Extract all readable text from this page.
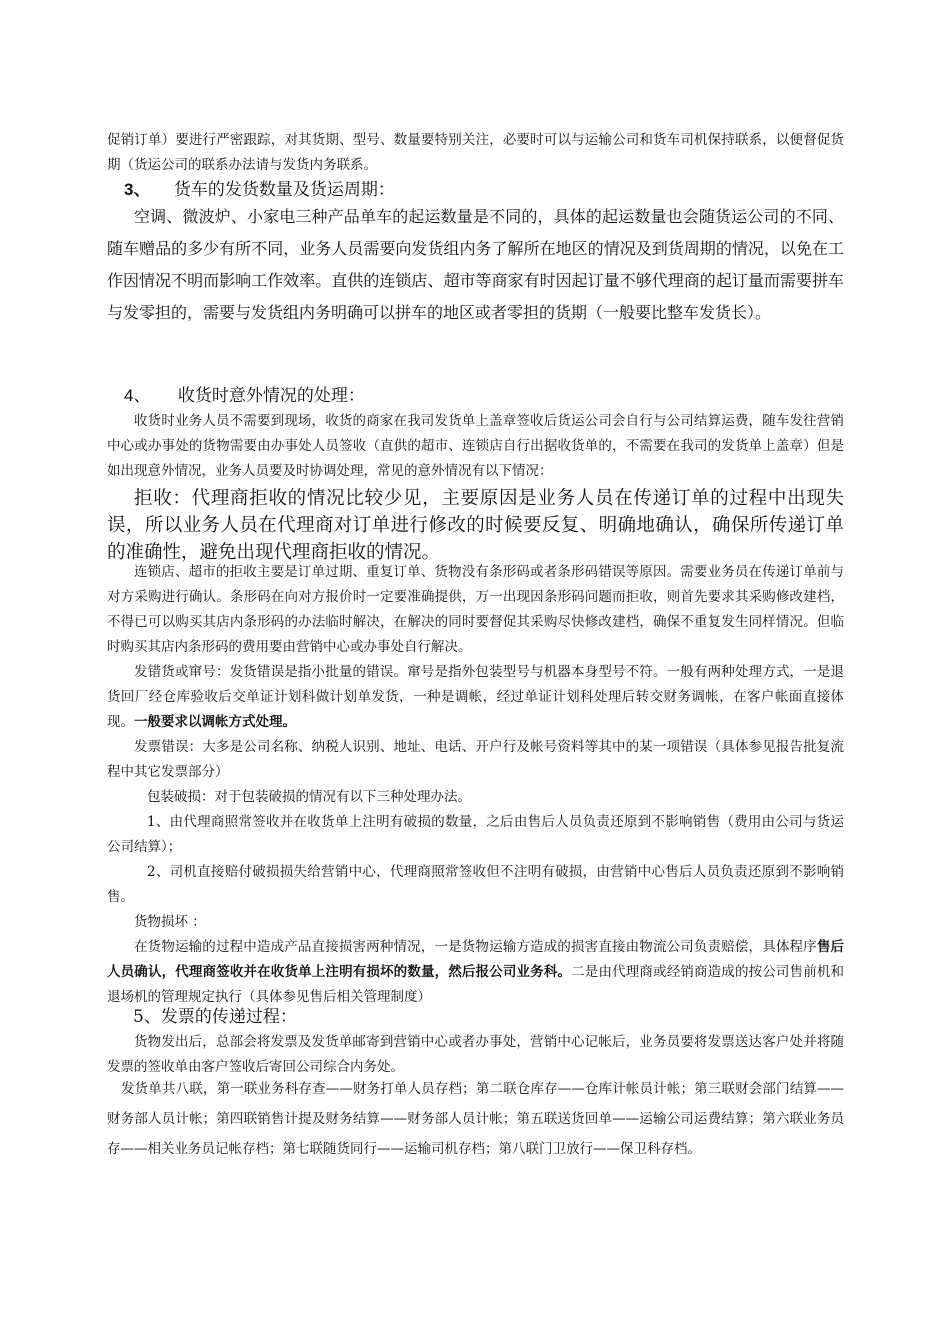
促销订单）要进行严密跟踪，对其货期、型号、数量要特别关注，必要时可以与运输公司和货车司机保持联系，以便督促货期（货运公司的联系办法请与发货内务联系。

3、 货车的发货数量及货运周期：

空调、微波炉、小家电三种产品单车的起运数量是不同的，具体的起运数量也会随货运公司的不同、随车赠品的多少有所不同，业务人员需要向发货组内务了解所在地区的情况及到货周期的情况，以免在工作因情况不明而影响工作效率。直供的连锁店、超市等商家有时因起订量不够代理商的起订量而需要拼车与发零担的，需要与发货组内务明确可以拼车的地区或者零担的货期（一般要比整车发货长）。

4、 收货时意外情况的处理：

收货时业务人员不需要到现场，收货的商家在我司发货单上盖章签收后货运公司会自行与公司结算运费，随车发往营销中心或办事处的货物需要由办事处人员签收（直供的超市、连锁店自行出据收货单的，不需要在我司的发货单上盖章）但是如出现意外情况，业务人员要及时协调处理，常见的意外情况有以下情况：

拒收：代理商拒收的情况比较少见，主要原因是业务人员在传递订单的过程中出现失误，所以业务人员在代理商对订单进行修改的时候要反复、明确地确认，确保所传递订单的准确性，避免出现代理商拒收的情况。

连锁店、超市的拒收主要是订单过期、重复订单、货物没有条形码或者条形码错误等原因。需要业务员在传递订单前与对方采购进行确认。条形码在向对方报价时一定要准确提供，万一出现因条形码问题而拒收，则首先要求其采购修改建档，不得已可以购买其店内条形码的办法临时解决，在解决的同时要督促其采购尽快修改建档，确保不重复发生同样情况。但临时购买其店内条形码的费用要由营销中心或办事处自行解决。

发错货或窜号：发货错误是指小批量的错误。窜号是指外包装型号与机器本身型号不符。一般有两种处理方式，一是退货回厂经仓库验收后交单证计划科做计划单发货，一种是调帐，经过单证计划科处理后转交财务调帐，在客户帐面直接体现。一般要求以调帐方式处理。

发票错误：大多是公司名称、纳税人识别、地址、电话、开户行及帐号资料等其中的某一项错误（具体参见报告批复流程中其它发票部分）

包装破损：对于包装破损的情况有以下三种处理办法。

1、由代理商照常签收并在收货单上注明有破损的数量，之后由售后人员负责还原到不影响销售（费用由公司与货运公司结算）；

2、司机直接赔付破损损失给营销中心，代理商照常签收但不注明有破损，由营销中心售后人员负责还原到不影响销售。

货物损坏 ：

在货物运输的过程中造成产品直接损害两种情况，一是货物运输方造成的损害直接由物流公司负责赔偿，具体程序售后人员确认，代理商签收并在收货单上注明有损坏的数量，然后报公司业务科。二是由代理商或经销商造成的按公司售前机和退场机的管理规定执行（具体参见售后相关管理制度）

5、发票的传递过程：

货物发出后，总部会将发票及发货单邮寄到营销中心或者办事处，营销中心记帐后，业务员要将发票送达客户处并将随发票的签收单由客户签收后寄回公司综合内务处。

发货单共八联，第一联业务科存查——财务打单人员存档；第二联仓库存——仓库计帐员计帐；第三联财会部门结算——财务部人员计帐；第四联销售计提及财务结算——财务部人员计帐；第五联送货回单——运输公司运费结算；第六联业务员存——相关业务员记帐存档；第七联随货同行——运输司机存档；第八联门卫放行——保卫科存档。
